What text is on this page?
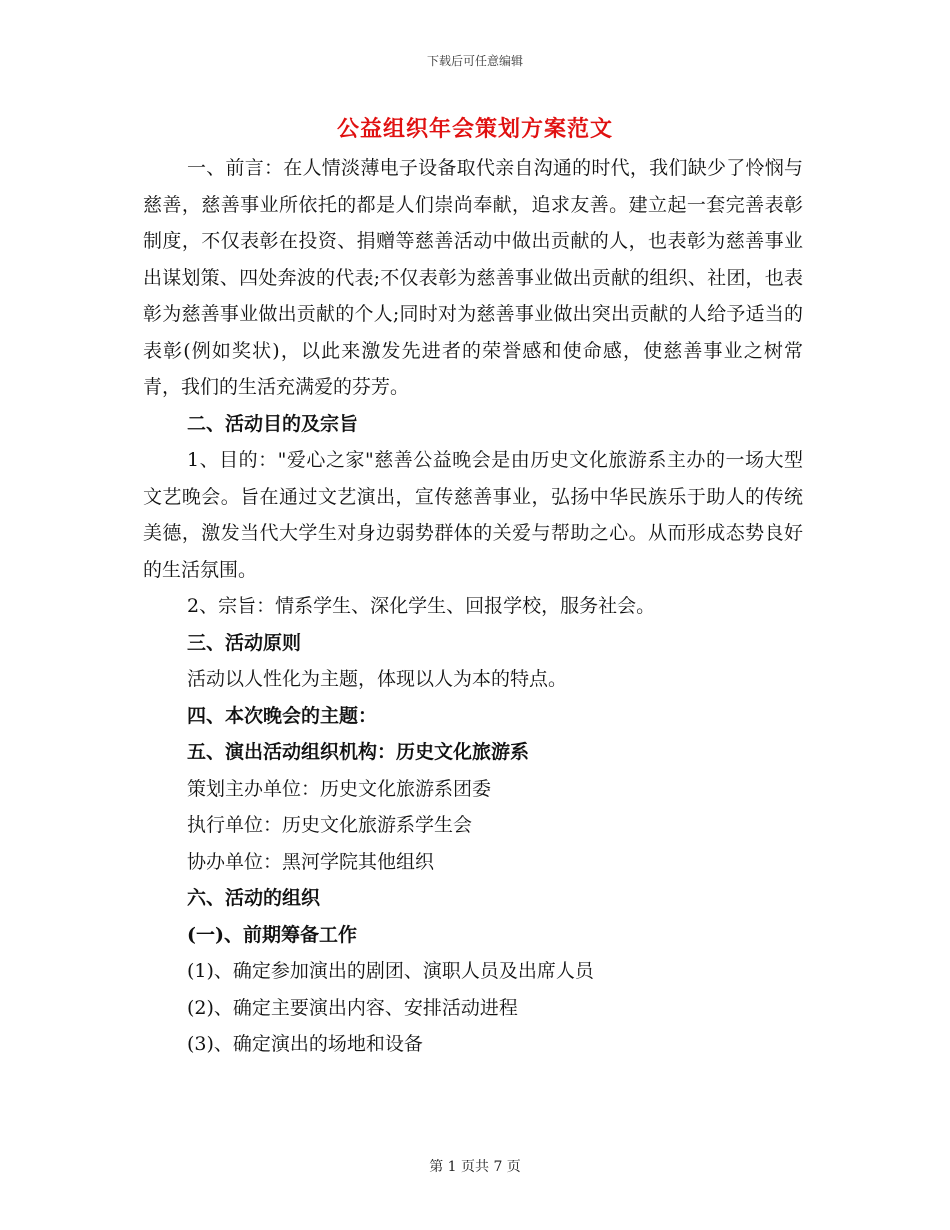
下载后可任意编辑
公益组织年会策划方案范文

一、前言：在人情淡薄电子设备取代亲自沟通的时代，我们缺少了怜悯与慈善，慈善事业所依托的都是人们崇尚奉献，追求友善。建立起一套完善表彰制度，不仅表彰在投资、捐赠等慈善活动中做出贡献的人，也表彰为慈善事业出谋划策、四处奔波的代表;不仅表彰为慈善事业做出贡献的组织、社团，也表彰为慈善事业做出贡献的个人;同时对为慈善事业做出突出贡献的人给予适当的表彰(例如奖状)，以此来激发先进者的荣誉感和使命感，使慈善事业之树常青，我们的生活充满爱的芬芳。

二、活动目的及宗旨

1、目的："爱心之家"慈善公益晚会是由历史文化旅游系主办的一场大型文艺晚会。旨在通过文艺演出，宣传慈善事业，弘扬中华民族乐于助人的传统美德，激发当代大学生对身边弱势群体的关爱与帮助之心。从而形成态势良好的生活氛围。

2、宗旨：情系学生、深化学生、回报学校，服务社会。

三、活动原则

活动以人性化为主题，体现以人为本的特点。

四、本次晚会的主题：

五、演出活动组织机构：历史文化旅游系

策划主办单位：历史文化旅游系团委

执行单位：历史文化旅游系学生会

协办单位：黑河学院其他组织

六、活动的组织

(一)、前期筹备工作

(1)、确定参加演出的剧团、演职人员及出席人员

(2)、确定主要演出内容、安排活动进程

(3)、确定演出的场地和设备

第 1 页共 7 页
